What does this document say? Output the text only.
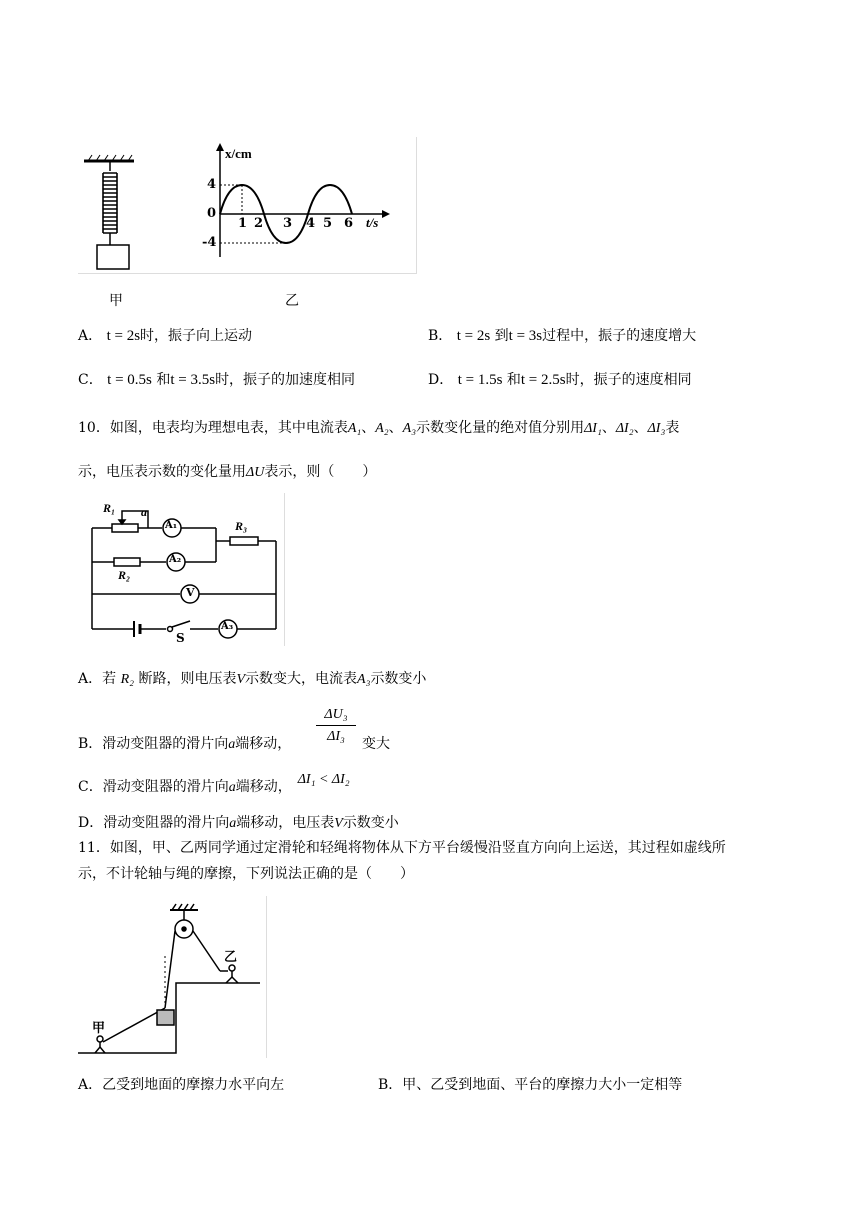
x/cm
t/s
4
0
-4
1 2 3 4 5 6
甲	乙
A． t = 2s时，振子向上运动	B． t = 2s 到t = 3s过程中，振子的速度增大
C． t = 0.5s 和t = 3.5s时，振子的加速度相同	D． t = 1.5s 和t = 2.5s时，振子的速度相同
10．如图，电表均为理想电表，其中电流表A₁、A₂、A₃示数变化量的绝对值分别用ΔI₁、ΔI₂、ΔI₃表
示，电压表示数的变化量用ΔU表示，则（　　）
R₁ a
R₂
R₃
A₁
A₂
V
S
A₃
A．若 R₂ 断路，则电压表V示数变大，电流表A₃示数变小
B．滑动变阻器的滑片向a端移动，
ΔU₃
ΔI₃	变大
C．滑动变阻器的滑片向a端移动， ΔI₁ < ΔI₂
D．滑动变阻器的滑片向a端移动，电压表V示数变小
11．如图，甲、乙两同学通过定滑轮和轻绳将物体从下方平台缓慢沿竖直方向向上运送，其过程如虚线所
示，不计轮轴与绳的摩擦，下列说法正确的是（　　）
甲
乙
A．乙受到地面的摩擦力水平向左	B．甲、乙受到地面、平台的摩擦力大小一定相等
